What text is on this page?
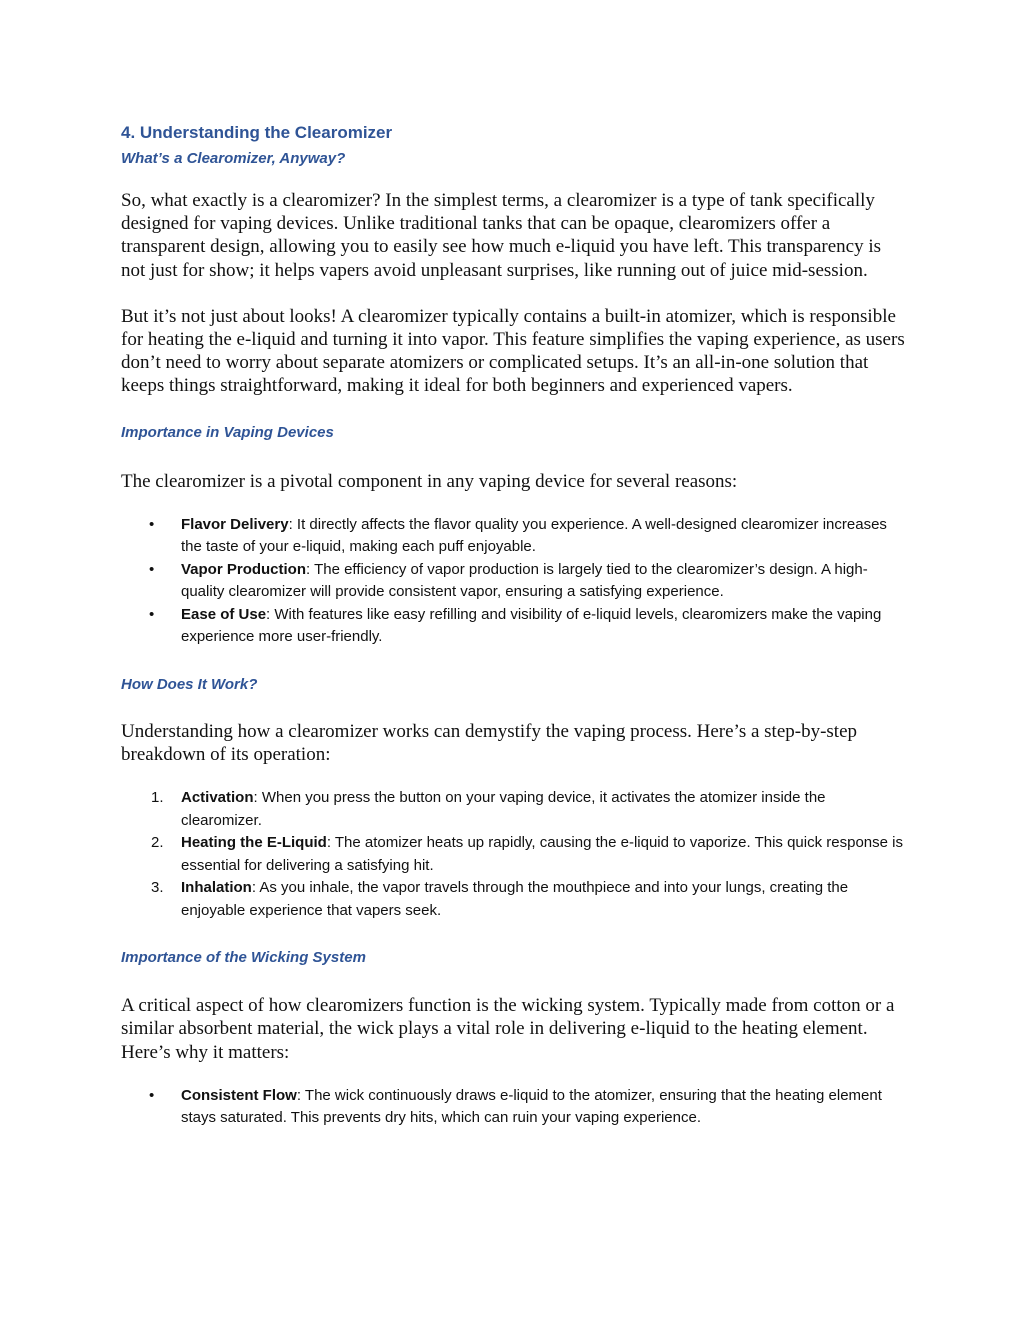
4. Understanding the Clearomizer
What’s a Clearomizer, Anyway?

So, what exactly is a clearomizer? In the simplest terms, a clearomizer is a type of tank specifically designed for vaping devices. Unlike traditional tanks that can be opaque, clearomizers offer a transparent design, allowing you to easily see how much e-liquid you have left. This transparency is not just for show; it helps vapers avoid unpleasant surprises, like running out of juice mid-session.

But it’s not just about looks! A clearomizer typically contains a built-in atomizer, which is responsible for heating the e-liquid and turning it into vapor. This feature simplifies the vaping experience, as users don’t need to worry about separate atomizers or complicated setups. It’s an all-in-one solution that keeps things straightforward, making it ideal for both beginners and experienced vapers.

Importance in Vaping Devices

The clearomizer is a pivotal component in any vaping device for several reasons:

• Flavor Delivery: It directly affects the flavor quality you experience. A well-designed clearomizer increases the taste of your e-liquid, making each puff enjoyable.
• Vapor Production: The efficiency of vapor production is largely tied to the clearomizer’s design. A high-quality clearomizer will provide consistent vapor, ensuring a satisfying experience.
• Ease of Use: With features like easy refilling and visibility of e-liquid levels, clearomizers make the vaping experience more user-friendly.
How Does It Work?

Understanding how a clearomizer works can demystify the vaping process. Here’s a step-by-step breakdown of its operation:

1. Activation: When you press the button on your vaping device, it activates the atomizer inside the clearomizer.
2. Heating the E-Liquid: The atomizer heats up rapidly, causing the e-liquid to vaporize. This quick response is essential for delivering a satisfying hit.
3. Inhalation: As you inhale, the vapor travels through the mouthpiece and into your lungs, creating the enjoyable experience that vapers seek.
Importance of the Wicking System

A critical aspect of how clearomizers function is the wicking system. Typically made from cotton or a similar absorbent material, the wick plays a vital role in delivering e-liquid to the heating element. Here’s why it matters:

• Consistent Flow: The wick continuously draws e-liquid to the atomizer, ensuring that the heating element stays saturated. This prevents dry hits, which can ruin your vaping experience.
